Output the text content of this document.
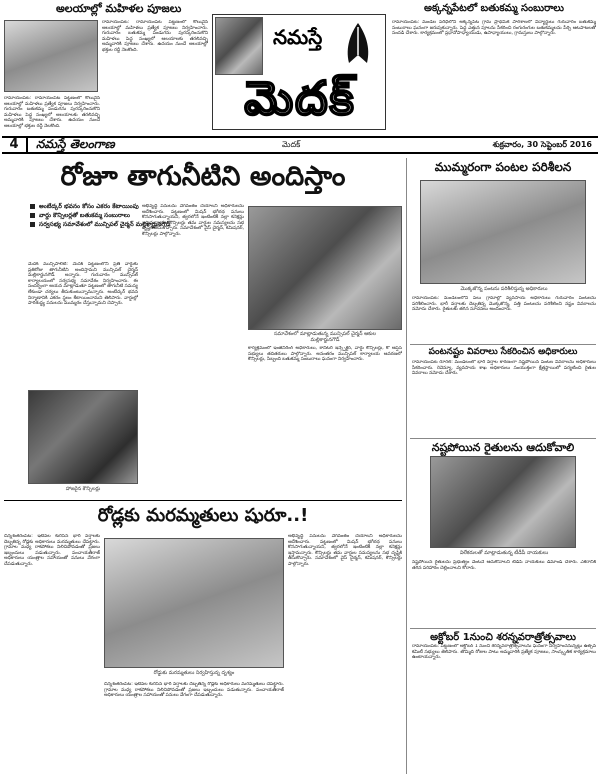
అలయాల్లో మహిళల పూజలు
రామాయంపేట: రామాయంపేట పట్టణంలో కొలువైన ఆలయాల్లో మహిళలు ప్రత్యేక పూజలు నిర్వహించారు. గురువారం బతుకమ్మ పండుగను పురస్కరించుకొని మహిళలు పెద్ద సంఖ్యలో ఆలయాలకు తరలివచ్చి అమ్మవారికి పూజలు చేశారు. ఉదయం నుంచే ఆలయాల్లో భక్తుల రద్దీ నెలకొంది.
రామాయంపేట: రామాయంపేట పట్టణంలో కొలువైన ఆలయాల్లో మహిళలు ప్రత్యేక పూజలు నిర్వహించారు. గురువారం బతుకమ్మ పండుగను పురస్కరించుకొని మహిళలు పెద్ద సంఖ్యలో ఆలయాలకు తరలివచ్చి అమ్మవారికి పూజలు చేశారు. ఉదయం నుంచే ఆలయాల్లో భక్తుల రద్దీ నెలకొంది.
నమస్తే
మెదక్
అక్కన్నపేటలో బతుకమ్మ సంబురాలు
రామాయంపేట: మండల పరిధిలోని అక్కన్నపేట గ్రామ ప్రాథమిక పాఠశాలలో విద్యార్థులు గురువారం బతుకమ్మ సంబురాలు ఘనంగా జరుపుకున్నారు. పెద్ద ఎత్తున పూలను సేకరించి రంగురంగుల బతుకమ్మలను పేర్చి ఆటపాటలతో సందడి చేశారు. కార్యక్రమంలో ప్రధానోపాధ్యాయుడు, ఉపాధ్యాయులు, గ్రామస్తులు పాల్గొన్నారు.
4	నమస్తే తెలంగాణ	మెదక్	శుక్రవారం, 30 సెప్టెంబర్ 2016
రోజూ తాగునీటిని అందిస్తాం
అంబేద్కర్ భవనం కోసం ఎకరం కేటాయింపు
వార్డు కౌన్సిలర్లతో బతుకమ్మ సంబురాలు
సర్వసభ్య సమావేశంలో మున్సిపల్ చైర్మన్ మల్లికార్జునగౌడ్
మెదక్ మున్సిపాలిటీ: మెదక్ పట్టణంలోని ప్రతి వార్డుకు ప్రతిరోజు తాగునీటిని అందిస్తామని మున్సిపల్ చైర్మన్ మల్లికార్జునగౌడ్ అన్నారు. గురువారం మున్సిపల్ కార్యాలయంలో సర్వసభ్య సమావేశం నిర్వహించారు. ఈ సందర్భంగా ఆయన మాట్లాడుతూ పట్టణంలో తాగునీటి సమస్య లేకుండా చర్యలు తీసుకుంటున్నామన్నారు. అంబేద్కర్ భవన నిర్మాణానికి ఎకరం స్థలం కేటాయించామని తెలిపారు. వార్డుల్లో పారిశుద్ధ్య పనులను ముమ్మరం చేస్తున్నామని చెప్పారు.
అభివృద్ధి పనులను వేగవంతం చేయాలని అధికారులను ఆదేశించారు. పట్టణంలో మిషన్ భగీరథ పనులు కొనసాగుతున్నాయని, త్వరలోనే ఇంటింటికీ నల్లా కనెక్షన్లు ఇస్తామన్నారు. కౌన్సిలర్లు తమ వార్డుల సమస్యలను సభ దృష్టికి తీసుకొచ్చారు. సమావేశంలో వైస్ చైర్మన్, కమిషనర్, కౌన్సిలర్లు పాల్గొన్నారు.
సమావేశంలో మాట్లాడుతున్న మున్సిపల్ చైర్మన్ ఆకుల మల్లికార్జునగౌడ్
కార్యక్రమంలో ఇంజినీరింగ్ అధికారులు, శానిటరీ ఇన్స్పెక్టర్, వార్డు కౌన్సిలర్లు, కో ఆప్షన్ సభ్యులు తదితరులు పాల్గొన్నారు. అనంతరం మున్సిపల్ కార్యాలయ ఆవరణలో కౌన్సిలర్లు, సిబ్బంది బతుకమ్మ సంబురాలు ఘనంగా నిర్వహించారు.
హాజరైన కౌన్సిలర్లు
రోడ్లకు మరమ్మతులు షురూ..!
చిన్నశంకరంపేట: ఇటీవల కురిసిన భారీ వర్షాలకు దెబ్బతిన్న రోడ్లకు అధికారులు మరమ్మతులు చేపట్టారు. గ్రామాల మధ్య రాకపోకలు నిలిచిపోవడంతో ప్రజలు ఇబ్బందులు పడుతున్నారు. పంచాయతీరాజ్ అధికారులు యంత్రాల సహాయంతో పనులు వేగంగా చేపడుతున్నారు.
రోడ్డుకు మరమ్మతులు నిర్వహిస్తున్న దృశ్యం
చిన్నశంకరంపేట: ఇటీవల కురిసిన భారీ వర్షాలకు దెబ్బతిన్న రోడ్లకు అధికారులు మరమ్మతులు చేపట్టారు. గ్రామాల మధ్య రాకపోకలు నిలిచిపోవడంతో ప్రజలు ఇబ్బందులు పడుతున్నారు. పంచాయతీరాజ్ అధికారులు యంత్రాల సహాయంతో పనులు వేగంగా చేపడుతున్నారు.
అభివృద్ధి పనులను వేగవంతం చేయాలని అధికారులను ఆదేశించారు. పట్టణంలో మిషన్ భగీరథ పనులు కొనసాగుతున్నాయని, త్వరలోనే ఇంటింటికీ నల్లా కనెక్షన్లు ఇస్తామన్నారు. కౌన్సిలర్లు తమ వార్డుల సమస్యలను సభ దృష్టికి తీసుకొచ్చారు. సమావేశంలో వైస్ చైర్మన్, కమిషనర్, కౌన్సిలర్లు పాల్గొన్నారు.
ముమ్మరంగా పంటల పరిశీలన
మొక్కజొన్న పంటను పరిశీలిస్తున్న అధికారులు
రామాయంపేట: మండలంలోని పలు గ్రామాల్లో వ్యవసాయ అధికారులు గురువారం పంటలను పరిశీలించారు. భారీ వర్షాలకు దెబ్బతిన్న మొక్కజొన్న, పత్తి పంటలను పరిశీలించి నష్టం వివరాలను నమోదు చేశారు. రైతులకు తగిన సూచనలు అందించారు.
పంటనష్టం వివరాలు సేకరించిన అధికారులు
రామాయంపేట రూరల్: మండలంలో భారీ వర్షాల కారణంగా నష్టపోయిన పంటల వివరాలను అధికారులు సేకరించారు. రెవెన్యూ, వ్యవసాయ శాఖ అధికారులు సంయుక్తంగా క్షేత్రస్థాయిలో పర్యటించి రైతుల వివరాలు నమోదు చేశారు.
నష్టపోయిన రైతులను ఆదుకోవాలి
విలేకరులతో మాట్లాడుతున్న టీడీపీ నాయకులు
నష్టపోయిన రైతులను ప్రభుత్వం వెంటనే ఆదుకోవాలని టీడీపీ నాయకులు డిమాండ్ చేశారు. ఎకరానికి తగిన పరిహారం చెల్లించాలని కోరారు.
అక్టోబర్ 1నుంచి శరన్నవరాత్రోత్సవాలు
రామాయంపేట: పట్టణంలో అక్టోబర్ 1 నుంచి శరన్నవరాత్రోత్సవాలను ఘనంగా నిర్వహించనున్నట్లు ఉత్సవ కమిటీ సభ్యులు తెలిపారు. తొమ్మిది రోజుల పాటు అమ్మవారికి ప్రత్యేక పూజలు, సాంస్కృతిక కార్యక్రమాలు ఉంటాయన్నారు.
